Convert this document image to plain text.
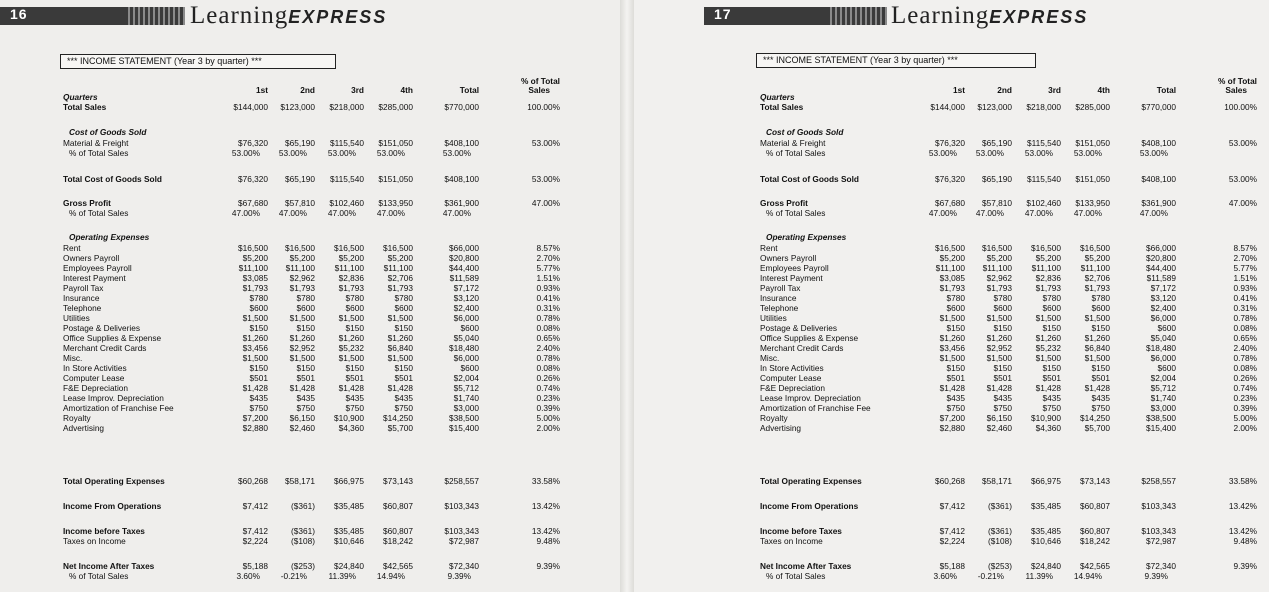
16	LearningEXPRESS
*** INCOME STATEMENT (Year 3 by quarter) ***
% of Total
1st	2nd	3rd	4th	Total	Sales
Quarters
Total Sales	$144,000	$123,000	$218,000	$285,000	$770,000	100.00%
Cost of Goods Sold
Material & Freight	$76,320	$65,190	$115,540	$151,050	$408,100	53.00%
% of Total Sales	53.00%	53.00%	53.00%	53.00%	53.00%
Total Cost of Goods Sold	$76,320	$65,190	$115,540	$151,050	$408,100	53.00%
Gross Profit	$67,680	$57,810	$102,460	$133,950	$361,900	47.00%
% of Total Sales	47.00%	47.00%	47.00%	47.00%	47.00%
Operating Expenses
Rent	$16,500	$16,500	$16,500	$16,500	$66,000	8.57%
Owners Payroll	$5,200	$5,200	$5,200	$5,200	$20,800	2.70%
Employees Payroll	$11,100	$11,100	$11,100	$11,100	$44,400	5.77%
Interest Payment	$3,085	$2,962	$2,836	$2,706	$11,589	1.51%
Payroll Tax	$1,793	$1,793	$1,793	$1,793	$7,172	0.93%
Insurance	$780	$780	$780	$780	$3,120	0.41%
Telephone	$600	$600	$600	$600	$2,400	0.31%
Utilities	$1,500	$1,500	$1,500	$1,500	$6,000	0.78%
Postage & Deliveries	$150	$150	$150	$150	$600	0.08%
Office Supplies & Expense	$1,260	$1,260	$1,260	$1,260	$5,040	0.65%
Merchant Credit Cards	$3,456	$2,952	$5,232	$6,840	$18,480	2.40%
Misc.	$1,500	$1,500	$1,500	$1,500	$6,000	0.78%
In Store Activities	$150	$150	$150	$150	$600	0.08%
Computer Lease	$501	$501	$501	$501	$2,004	0.26%
F&E Depreciation	$1,428	$1,428	$1,428	$1,428	$5,712	0.74%
Lease Improv. Depreciation	$435	$435	$435	$435	$1,740	0.23%
Amortization of Franchise Fee	$750	$750	$750	$750	$3,000	0.39%
Royalty	$7,200	$6,150	$10,900	$14,250	$38,500	5.00%
Advertising	$2,880	$2,460	$4,360	$5,700	$15,400	2.00%
Total Operating Expenses	$60,268	$58,171	$66,975	$73,143	$258,557	33.58%
Income From Operations	$7,412	($361)	$35,485	$60,807	$103,343	13.42%
Income before Taxes	$7,412	($361)	$35,485	$60,807	$103,343	13.42%
Taxes on Income	$2,224	($108)	$10,646	$18,242	$72,987	9.48%
Net Income After Taxes	$5,188	($253)	$24,840	$42,565	$72,340	9.39%
% of Total Sales	3.60%	-0.21%	11.39%	14.94%	9.39%
17	LearningEXPRESS
*** INCOME STATEMENT (Year 3 by quarter) ***
% of Total
1st	2nd	3rd	4th	Total	Sales
Quarters
Total Sales	$144,000	$123,000	$218,000	$285,000	$770,000	100.00%
Cost of Goods Sold
Material & Freight	$76,320	$65,190	$115,540	$151,050	$408,100	53.00%
% of Total Sales	53.00%	53.00%	53.00%	53.00%	53.00%
Total Cost of Goods Sold	$76,320	$65,190	$115,540	$151,050	$408,100	53.00%
Gross Profit	$67,680	$57,810	$102,460	$133,950	$361,900	47.00%
% of Total Sales	47.00%	47.00%	47.00%	47.00%	47.00%
Operating Expenses
Rent	$16,500	$16,500	$16,500	$16,500	$66,000	8.57%
Owners Payroll	$5,200	$5,200	$5,200	$5,200	$20,800	2.70%
Employees Payroll	$11,100	$11,100	$11,100	$11,100	$44,400	5.77%
Interest Payment	$3,085	$2,962	$2,836	$2,706	$11,589	1.51%
Payroll Tax	$1,793	$1,793	$1,793	$1,793	$7,172	0.93%
Insurance	$780	$780	$780	$780	$3,120	0.41%
Telephone	$600	$600	$600	$600	$2,400	0.31%
Utilities	$1,500	$1,500	$1,500	$1,500	$6,000	0.78%
Postage & Deliveries	$150	$150	$150	$150	$600	0.08%
Office Supplies & Expense	$1,260	$1,260	$1,260	$1,260	$5,040	0.65%
Merchant Credit Cards	$3,456	$2,952	$5,232	$6,840	$18,480	2.40%
Misc.	$1,500	$1,500	$1,500	$1,500	$6,000	0.78%
In Store Activities	$150	$150	$150	$150	$600	0.08%
Computer Lease	$501	$501	$501	$501	$2,004	0.26%
F&E Depreciation	$1,428	$1,428	$1,428	$1,428	$5,712	0.74%
Lease Improv. Depreciation	$435	$435	$435	$435	$1,740	0.23%
Amortization of Franchise Fee	$750	$750	$750	$750	$3,000	0.39%
Royalty	$7,200	$6,150	$10,900	$14,250	$38,500	5.00%
Advertising	$2,880	$2,460	$4,360	$5,700	$15,400	2.00%
Total Operating Expenses	$60,268	$58,171	$66,975	$73,143	$258,557	33.58%
Income From Operations	$7,412	($361)	$35,485	$60,807	$103,343	13.42%
Income before Taxes	$7,412	($361)	$35,485	$60,807	$103,343	13.42%
Taxes on Income	$2,224	($108)	$10,646	$18,242	$72,987	9.48%
Net Income After Taxes	$5,188	($253)	$24,840	$42,565	$72,340	9.39%
% of Total Sales	3.60%	-0.21%	11.39%	14.94%	9.39%
